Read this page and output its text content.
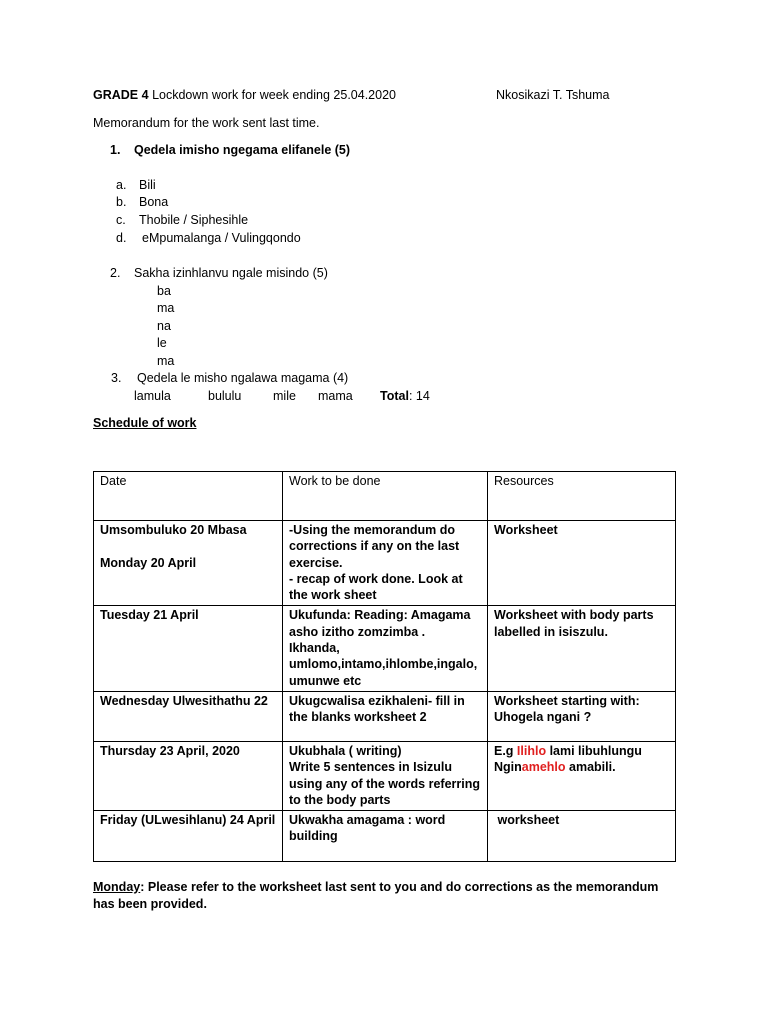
GRADE 4 Lockdown work for week ending 25.04.2020	Nkosikazi T. Tshuma
Memorandum for the work sent last time.
1. Qedela imisho ngegama elifanele (5)
a. Bili
b. Bona
c. Thobile / Siphesihle
d. eMpumalanga / Vulingqondo
2. Sakha izinhlanvu ngale misindo (5)
ba
ma
na
le
ma
3. Qedela le misho ngalawa magama (4)
lamula	bululu	mile mama Total: 14
Schedule of work
Date	Work to be done	Resources

Umsombuluko 20 Mbasa

Monday 20 April	-Using the memorandum do
corrections if any on the last
exercise.
- recap of work done. Look at
the work sheet	Worksheet

Tuesday 21 April	Ukufunda: Reading: Amagama
asho izitho zomzimba .
Ikhanda,
umlomo,intamo,ihlombe,ingalo,
umunwe etc	Worksheet with body parts
labelled in isiszulu.

Wednesday Ulwesithathu 22	Ukugcwalisa ezikhaleni- fill in
the blanks worksheet 2	Worksheet starting with:
Uhogela ngani ?

Thursday 23 April, 2020	Ukubhala ( writing)
Write 5 sentences in Isizulu
using any of the words referring
to the body parts	E.g Ilihlo lami libuhlungu
Nginamehlo amabili.

Friday (ULwesihlanu) 24 April	Ukwakha amagama : word
building	worksheet
Monday: Please refer to the worksheet last sent to you and do corrections as the memorandum
has been provided.
